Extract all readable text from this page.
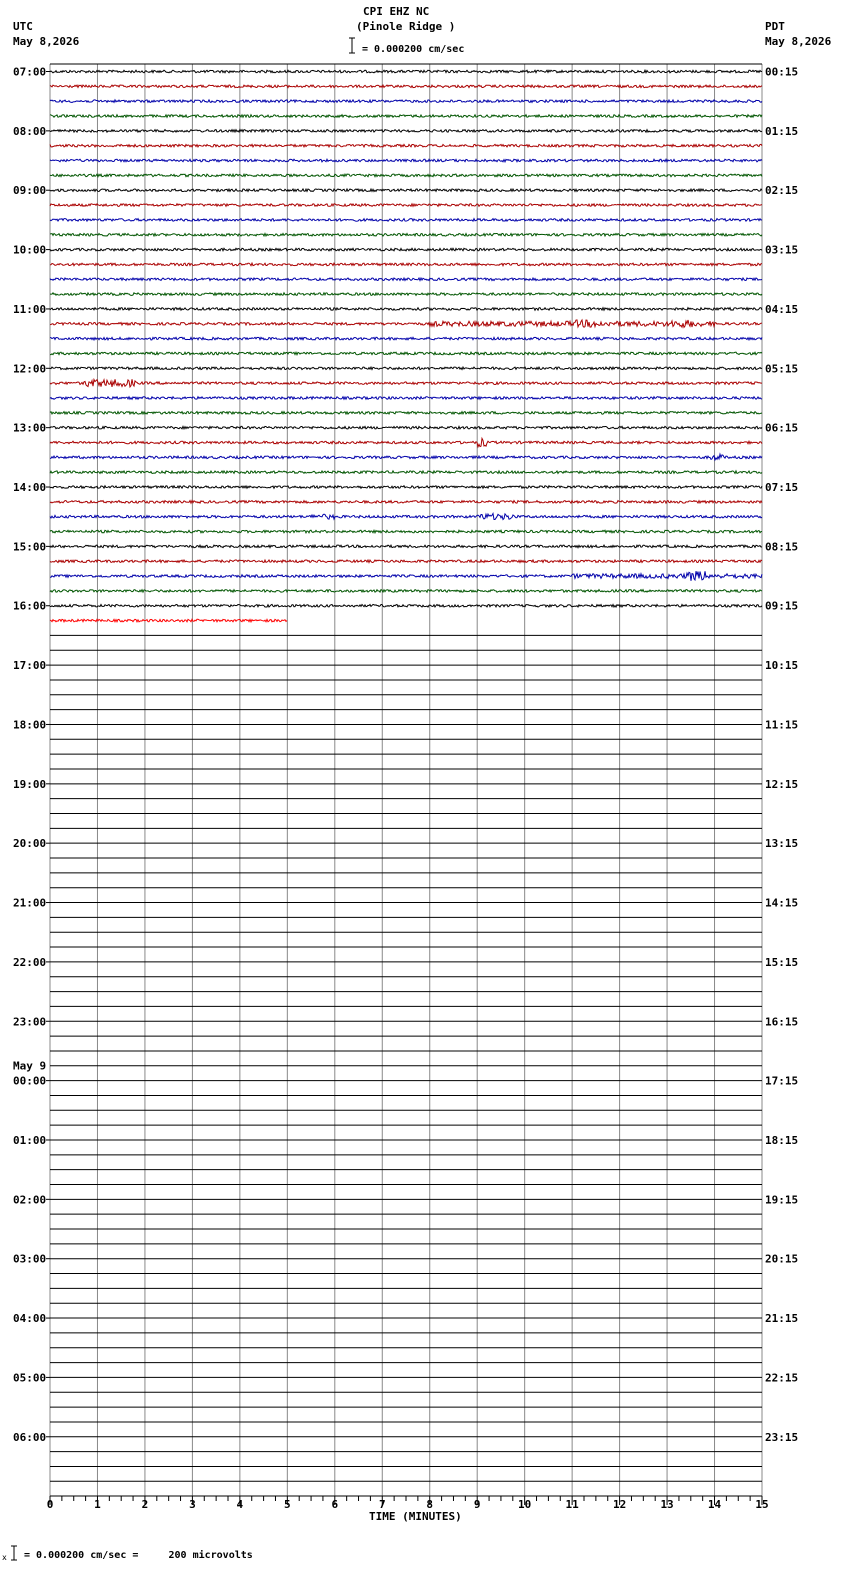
07:00
08:00
09:00
10:00
11:00
12:00
13:00
14:00
15:00
16:00
17:00
18:00
19:00
20:00
21:00
22:00
23:00
00:00
01:00
02:00
03:00
04:00
05:00
06:00
00:15
01:15
02:15
03:15
04:15
05:15
06:15
07:15
08:15
09:15
10:15
11:15
12:15
13:15
14:15
15:15
16:15
17:15
18:15
19:15
20:15
21:15
22:15
23:15
May 9
0	1	2	3	4	5	6	7	8	9	10	11	12	13	14	15
x
CPI EHZ NC
(Pinole Ridge )
= 0.000200 cm/sec
UTC
May 8,2026
PDT
May 8,2026
TIME (MINUTES)
= 0.000200 cm/sec =     200 microvolts
